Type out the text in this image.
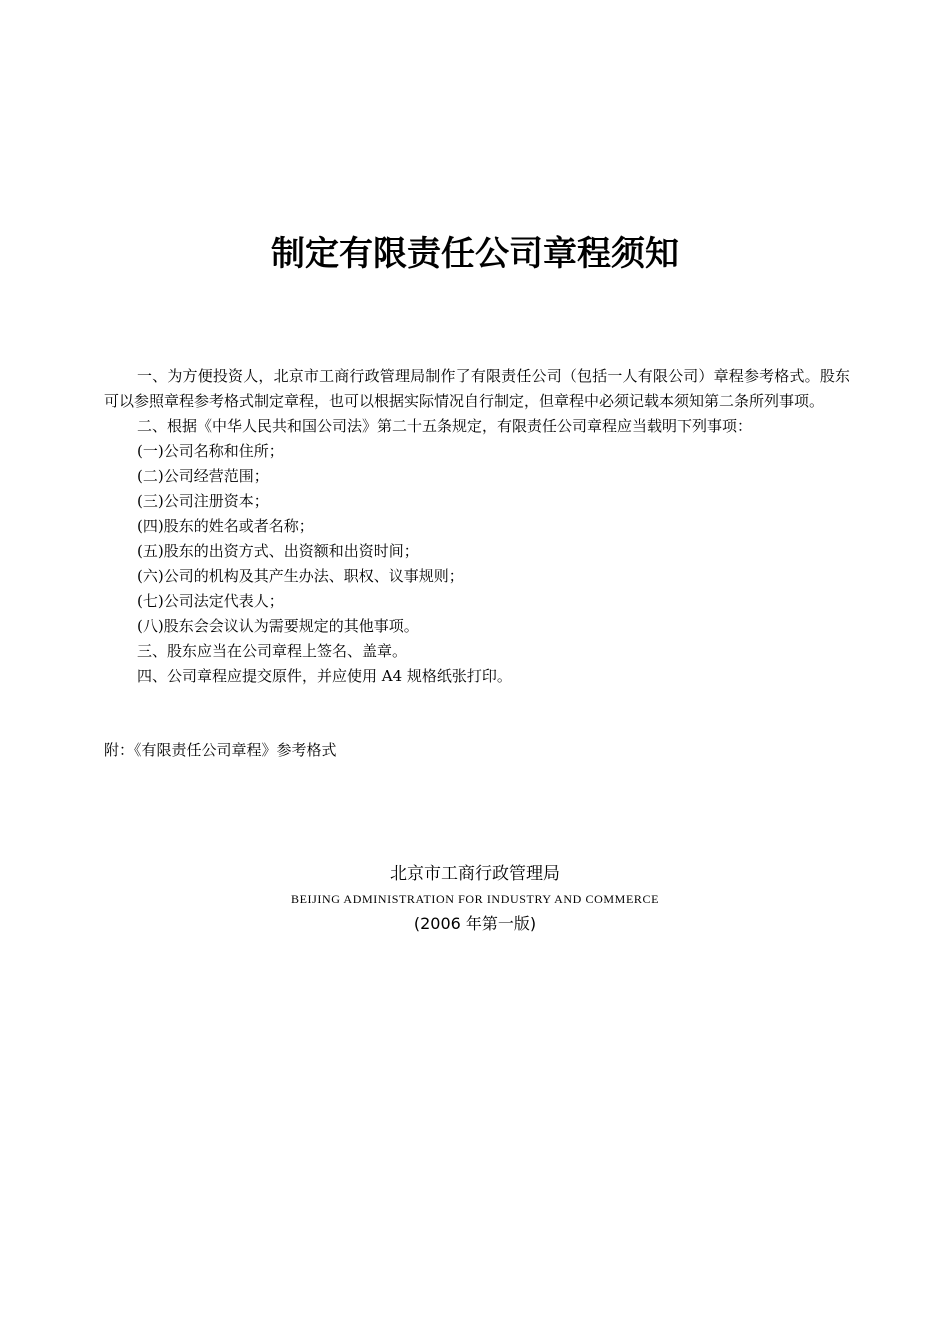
制定有限责任公司章程须知

一、为方便投资人，北京市工商行政管理局制作了有限责任公司（包括一人有限公司）章程参考格式。股东可以参照章程参考格式制定章程，也可以根据实际情况自行制定，但章程中必须记载本须知第二条所列事项。

二、根据《中华人民共和国公司法》第二十五条规定，有限责任公司章程应当载明下列事项：

(一)公司名称和住所；

(二)公司经营范围；

(三)公司注册资本；

(四)股东的姓名或者名称；

(五)股东的出资方式、出资额和出资时间；

(六)公司的机构及其产生办法、职权、议事规则；

(七)公司法定代表人；

(八)股东会会议认为需要规定的其他事项。

三、股东应当在公司章程上签名、盖章。

四、公司章程应提交原件，并应使用 A4 规格纸张打印。

附：《有限责任公司章程》参考格式
北京市工商行政管理局
BEIJING ADMINISTRATION FOR INDUSTRY AND COMMERCE
(2006 年第一版)
